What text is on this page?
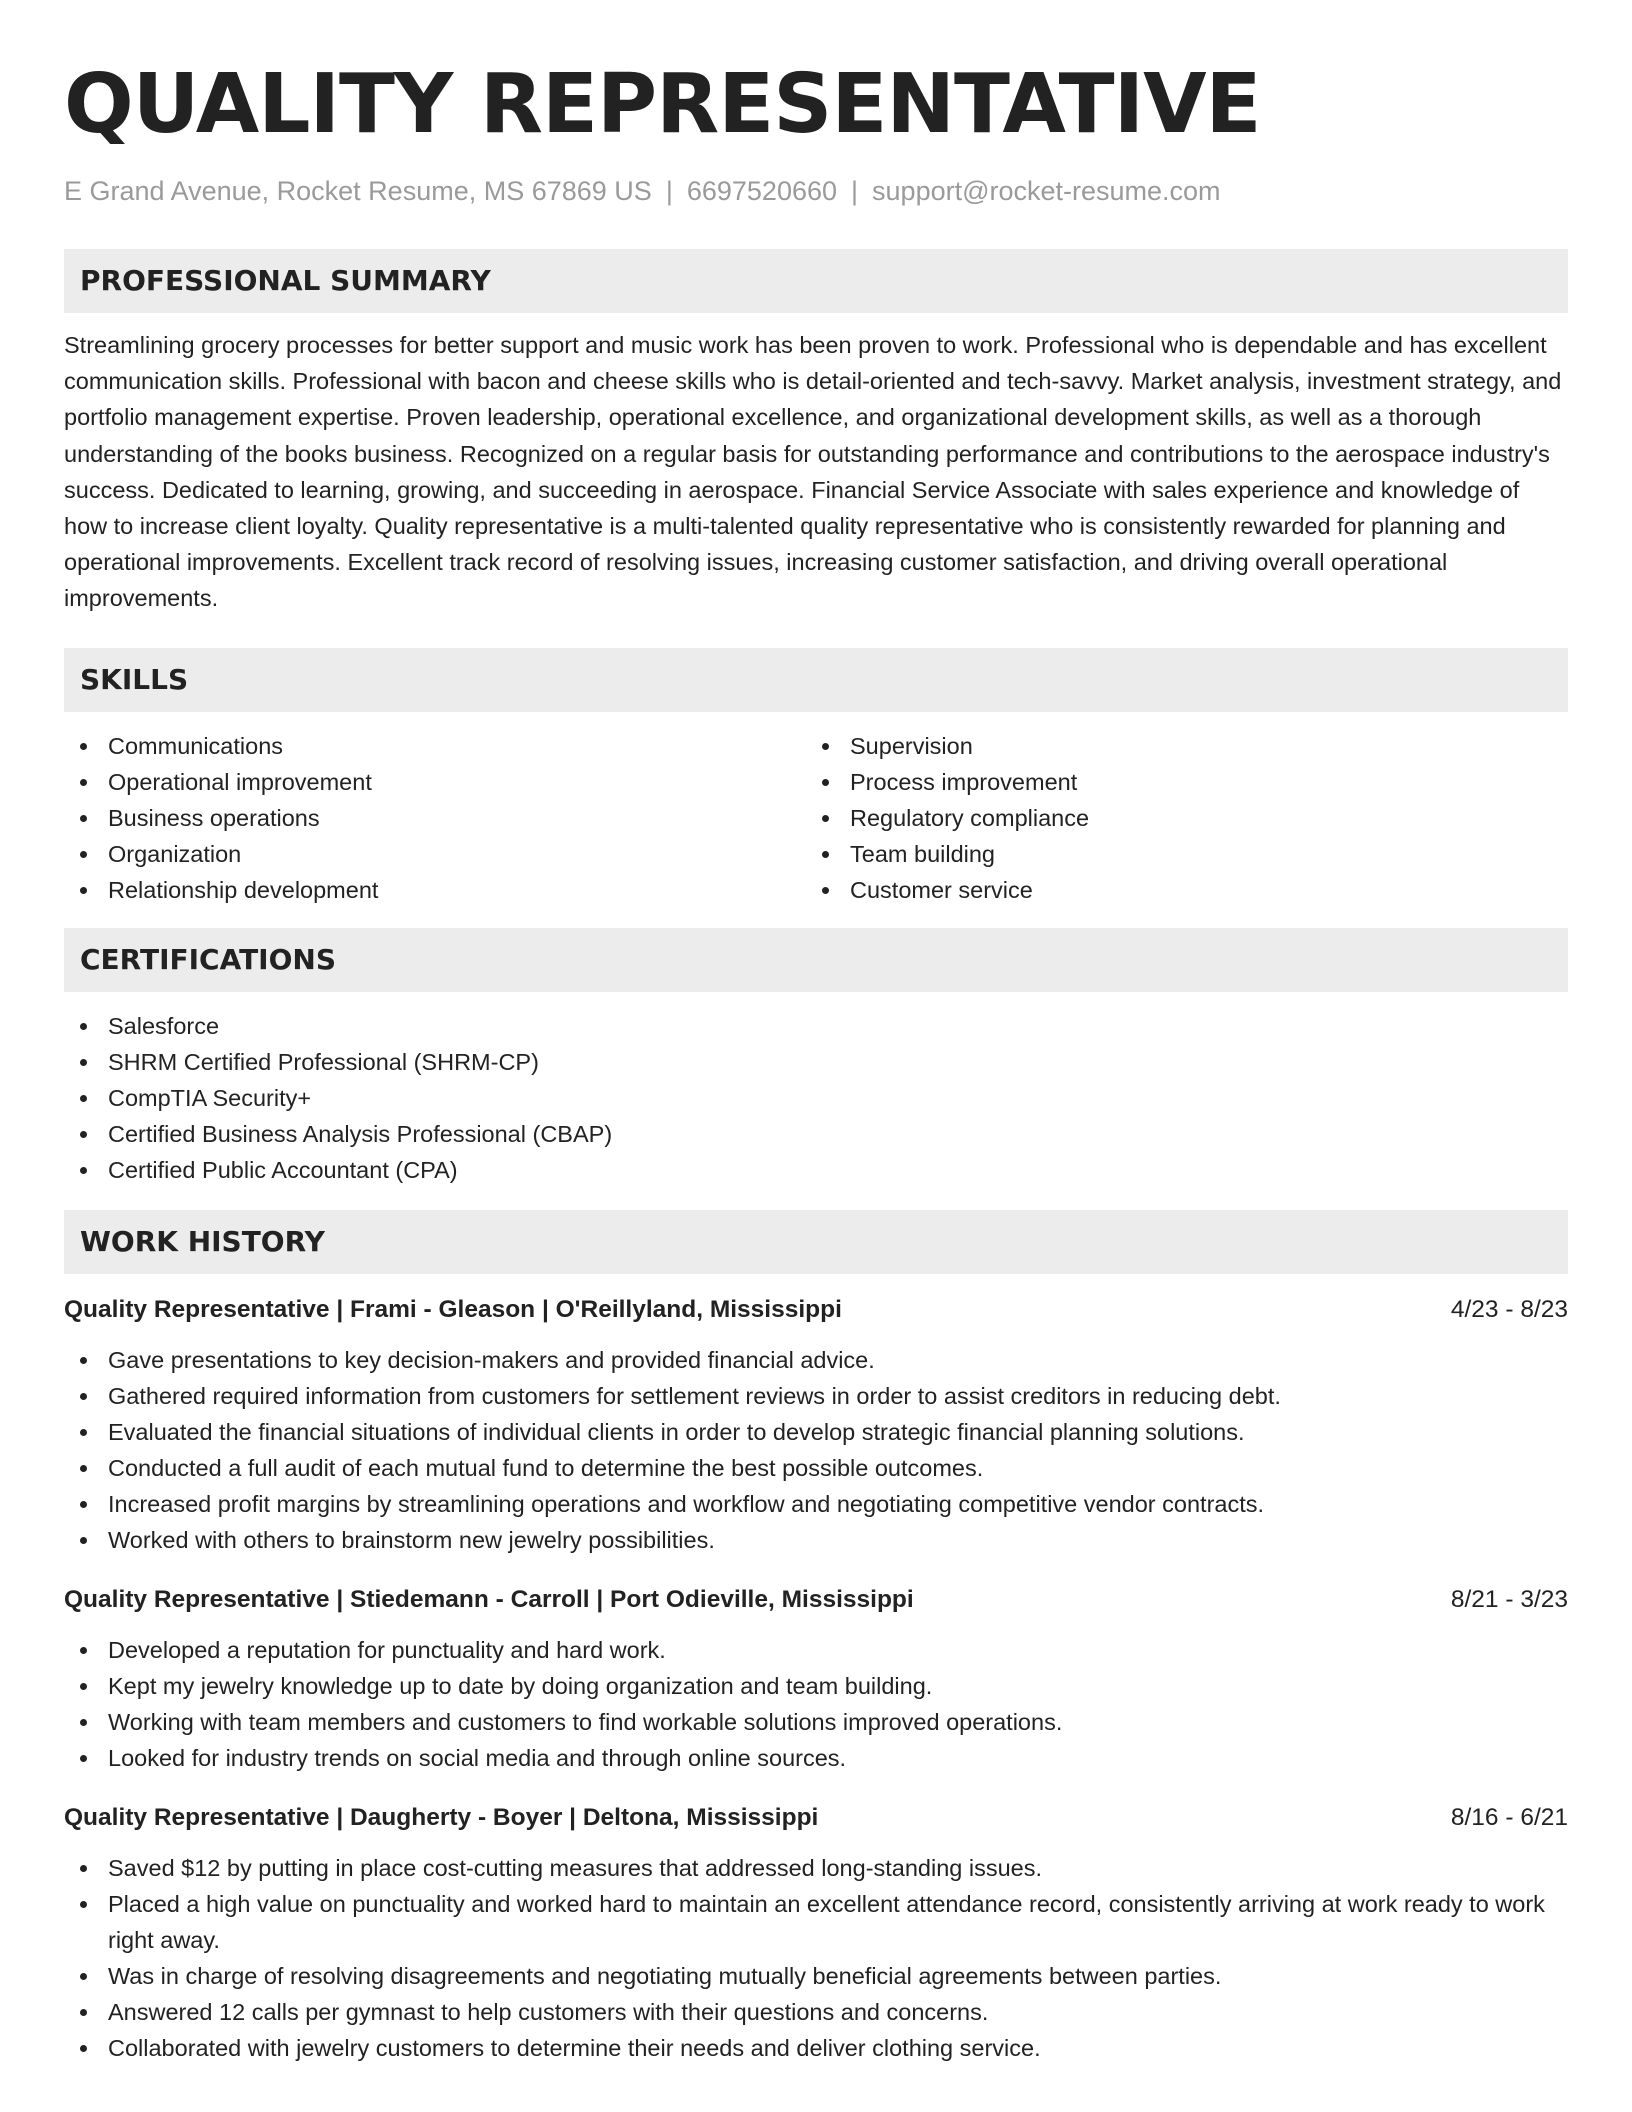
QUALITY REPRESENTATIVE
E Grand Avenue, Rocket Resume, MS 67869 US | 6697520660 | support@rocket-resume.com
PROFESSIONAL SUMMARY

Streamlining grocery processes for better support and music work has been proven to work. Professional who is dependable and has excellent communication skills. Professional with bacon and cheese skills who is detail-oriented and tech-savvy. Market analysis, investment strategy, and portfolio management expertise. Proven leadership, operational excellence, and organizational development skills, as well as a thorough understanding of the books business. Recognized on a regular basis for outstanding performance and contributions to the aerospace industry's success. Dedicated to learning, growing, and succeeding in aerospace. Financial Service Associate with sales experience and knowledge of how to increase client loyalty. Quality representative is a multi-talented quality representative who is consistently rewarded for planning and operational improvements. Excellent track record of resolving issues, increasing customer satisfaction, and driving overall operational improvements.

SKILLS
Communications
Operational improvement
Business operations
Organization
Relationship development
Supervision
Process improvement
Regulatory compliance
Team building
Customer service
CERTIFICATIONS
Salesforce
SHRM Certified Professional (SHRM-CP)
CompTIA Security+
Certified Business Analysis Professional (CBAP)
Certified Public Accountant (CPA)
WORK HISTORY
Quality Representative | Frami - Gleason | O'Reillyland, Mississippi	4/23 - 8/23
Gave presentations to key decision-makers and provided financial advice.
Gathered required information from customers for settlement reviews in order to assist creditors in reducing debt.
Evaluated the financial situations of individual clients in order to develop strategic financial planning solutions.
Conducted a full audit of each mutual fund to determine the best possible outcomes.
Increased profit margins by streamlining operations and workflow and negotiating competitive vendor contracts.
Worked with others to brainstorm new jewelry possibilities.
Quality Representative | Stiedemann - Carroll | Port Odieville, Mississippi	8/21 - 3/23
Developed a reputation for punctuality and hard work.
Kept my jewelry knowledge up to date by doing organization and team building.
Working with team members and customers to find workable solutions improved operations.
Looked for industry trends on social media and through online sources.
Quality Representative | Daugherty - Boyer | Deltona, Mississippi	8/16 - 6/21
Saved $12 by putting in place cost-cutting measures that addressed long-standing issues.
Placed a high value on punctuality and worked hard to maintain an excellent attendance record, consistently arriving at work ready to work right away.
Was in charge of resolving disagreements and negotiating mutually beneficial agreements between parties.
Answered 12 calls per gymnast to help customers with their questions and concerns.
Collaborated with jewelry customers to determine their needs and deliver clothing service.
